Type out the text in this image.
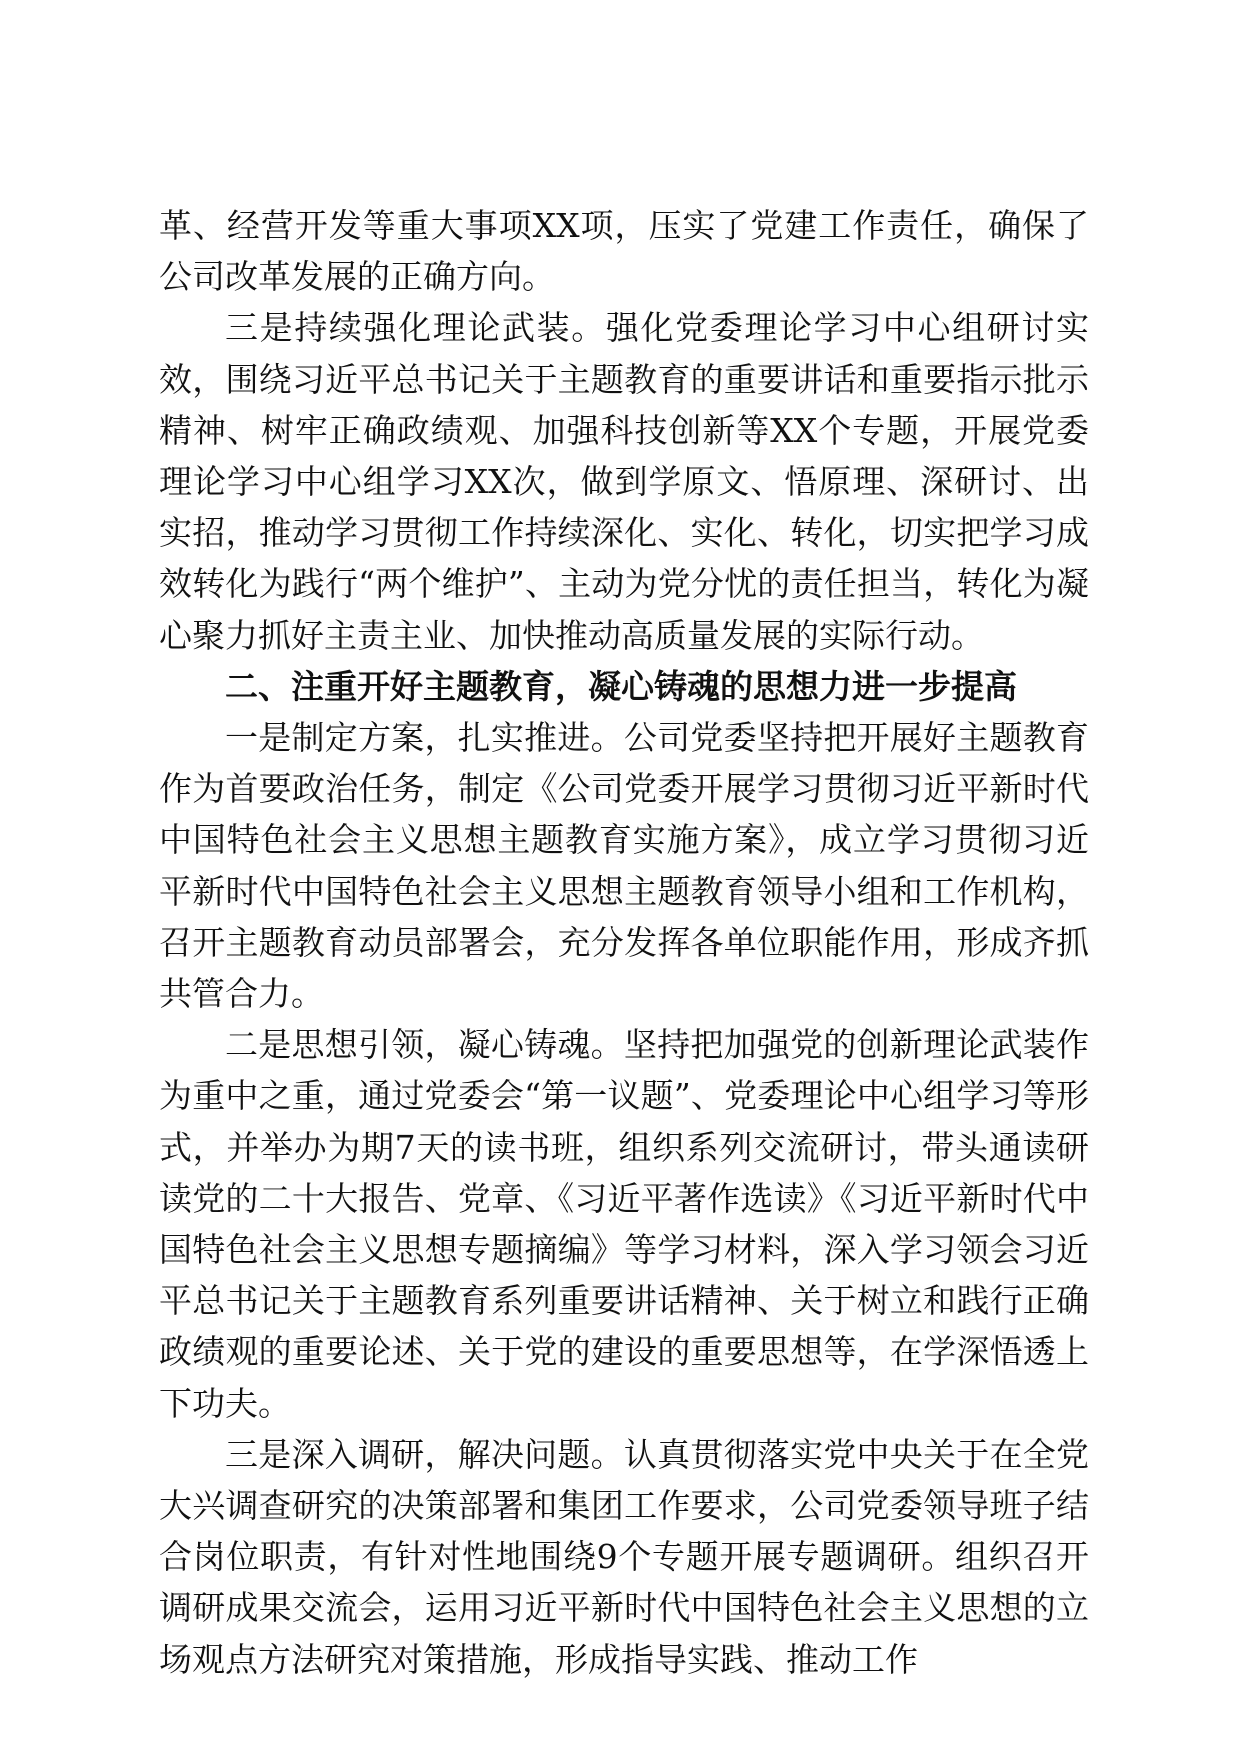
革、经营开发等重大事项XX项，压实了党建工作责任，确保了公司改革发展的正确方向。

三是持续强化理论武装。强化党委理论学习中心组研讨实效，围绕习近平总书记关于主题教育的重要讲话和重要指示批示精神、树牢正确政绩观、加强科技创新等XX个专题，开展党委理论学习中心组学习XX次，做到学原文、悟原理、深研讨、出实招，推动学习贯彻工作持续深化、实化、转化，切实把学习成效转化为践行“两个维护”、主动为党分忧的责任担当，转化为凝心聚力抓好主责主业、加快推动高质量发展的实际行动。

二、注重开好主题教育，凝心铸魂的思想力进一步提高

一是制定方案，扎实推进。公司党委坚持把开展好主题教育作为首要政治任务，制定《公司党委开展学习贯彻习近平新时代中国特色社会主义思想主题教育实施方案》，成立学习贯彻习近平新时代中国特色社会主义思想主题教育领导小组和工作机构，召开主题教育动员部署会，充分发挥各单位职能作用，形成齐抓共管合力。

二是思想引领，凝心铸魂。坚持把加强党的创新理论武装作为重中之重，通过党委会“第一议题”、党委理论中心组学习等形式，并举办为期7天的读书班，组织系列交流研讨，带头通读研读党的二十大报告、党章、《习近平著作选读》《习近平新时代中国特色社会主义思想专题摘编》等学习材料，深入学习领会习近平总书记关于主题教育系列重要讲话精神、关于树立和践行正确政绩观的重要论述、关于党的建设的重要思想等，在学深悟透上下功夫。

三是深入调研，解决问题。认真贯彻落实党中央关于在全党大兴调查研究的决策部署和集团工作要求，公司党委领导班子结合岗位职责，有针对性地围绕9个专题开展专题调研。组织召开调研成果交流会，运用习近平新时代中国特色社会主义思想的立场观点方法研究对策措施，形成指导实践、推动工作
